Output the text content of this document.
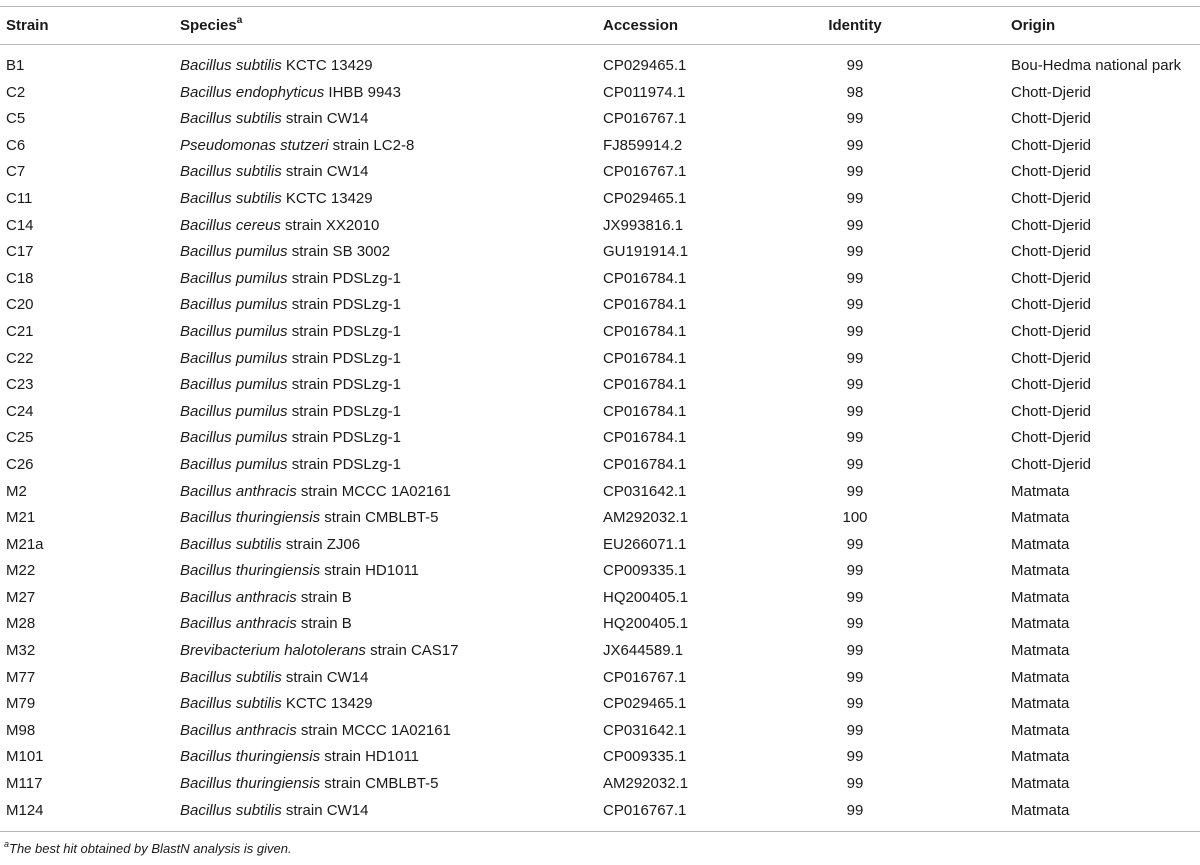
Strain	Species$^a$	Accession	Identity	Origin
B1	Bacillus subtilis KCTC 13429	CP029465.1	99	Bou-Hedma national park
C2	Bacillus endophyticus IHBB 9943	CP011974.1	98	Chott-Djerid
C5	Bacillus subtilis strain CW14	CP016767.1	99	Chott-Djerid
C6	Pseudomonas stutzeri strain LC2-8	FJ859914.2	99	Chott-Djerid
C7	Bacillus subtilis strain CW14	CP016767.1	99	Chott-Djerid
C11	Bacillus subtilis KCTC 13429	CP029465.1	99	Chott-Djerid
C14	Bacillus cereus strain XX2010	JX993816.1	99	Chott-Djerid
C17	Bacillus pumilus strain SB 3002	GU191914.1	99	Chott-Djerid
C18	Bacillus pumilus strain PDSLzg-1	CP016784.1	99	Chott-Djerid
C20	Bacillus pumilus strain PDSLzg-1	CP016784.1	99	Chott-Djerid
C21	Bacillus pumilus strain PDSLzg-1	CP016784.1	99	Chott-Djerid
C22	Bacillus pumilus strain PDSLzg-1	CP016784.1	99	Chott-Djerid
C23	Bacillus pumilus strain PDSLzg-1	CP016784.1	99	Chott-Djerid
C24	Bacillus pumilus strain PDSLzg-1	CP016784.1	99	Chott-Djerid
C25	Bacillus pumilus strain PDSLzg-1	CP016784.1	99	Chott-Djerid
C26	Bacillus pumilus strain PDSLzg-1	CP016784.1	99	Chott-Djerid
M2	Bacillus anthracis strain MCCC 1A02161	CP031642.1	99	Matmata
M21	Bacillus thuringiensis strain CMBLBT-5	AM292032.1	100	Matmata
M21a	Bacillus subtilis strain ZJ06	EU266071.1	99	Matmata
M22	Bacillus thuringiensis strain HD1011	CP009335.1	99	Matmata
M27	Bacillus anthracis strain B	HQ200405.1	99	Matmata
M28	Bacillus anthracis strain B	HQ200405.1	99	Matmata
M32	Brevibacterium halotolerans strain CAS17	JX644589.1	99	Matmata
M77	Bacillus subtilis strain CW14	CP016767.1	99	Matmata
M79	Bacillus subtilis KCTC 13429	CP029465.1	99	Matmata
M98	Bacillus anthracis strain MCCC 1A02161	CP031642.1	99	Matmata
M101	Bacillus thuringiensis strain HD1011	CP009335.1	99	Matmata
M117	Bacillus thuringiensis strain CMBLBT-5	AM292032.1	99	Matmata
M124	Bacillus subtilis strain CW14	CP016767.1	99	Matmata
$^a$The best hit obtained by BlastN analysis is given.
